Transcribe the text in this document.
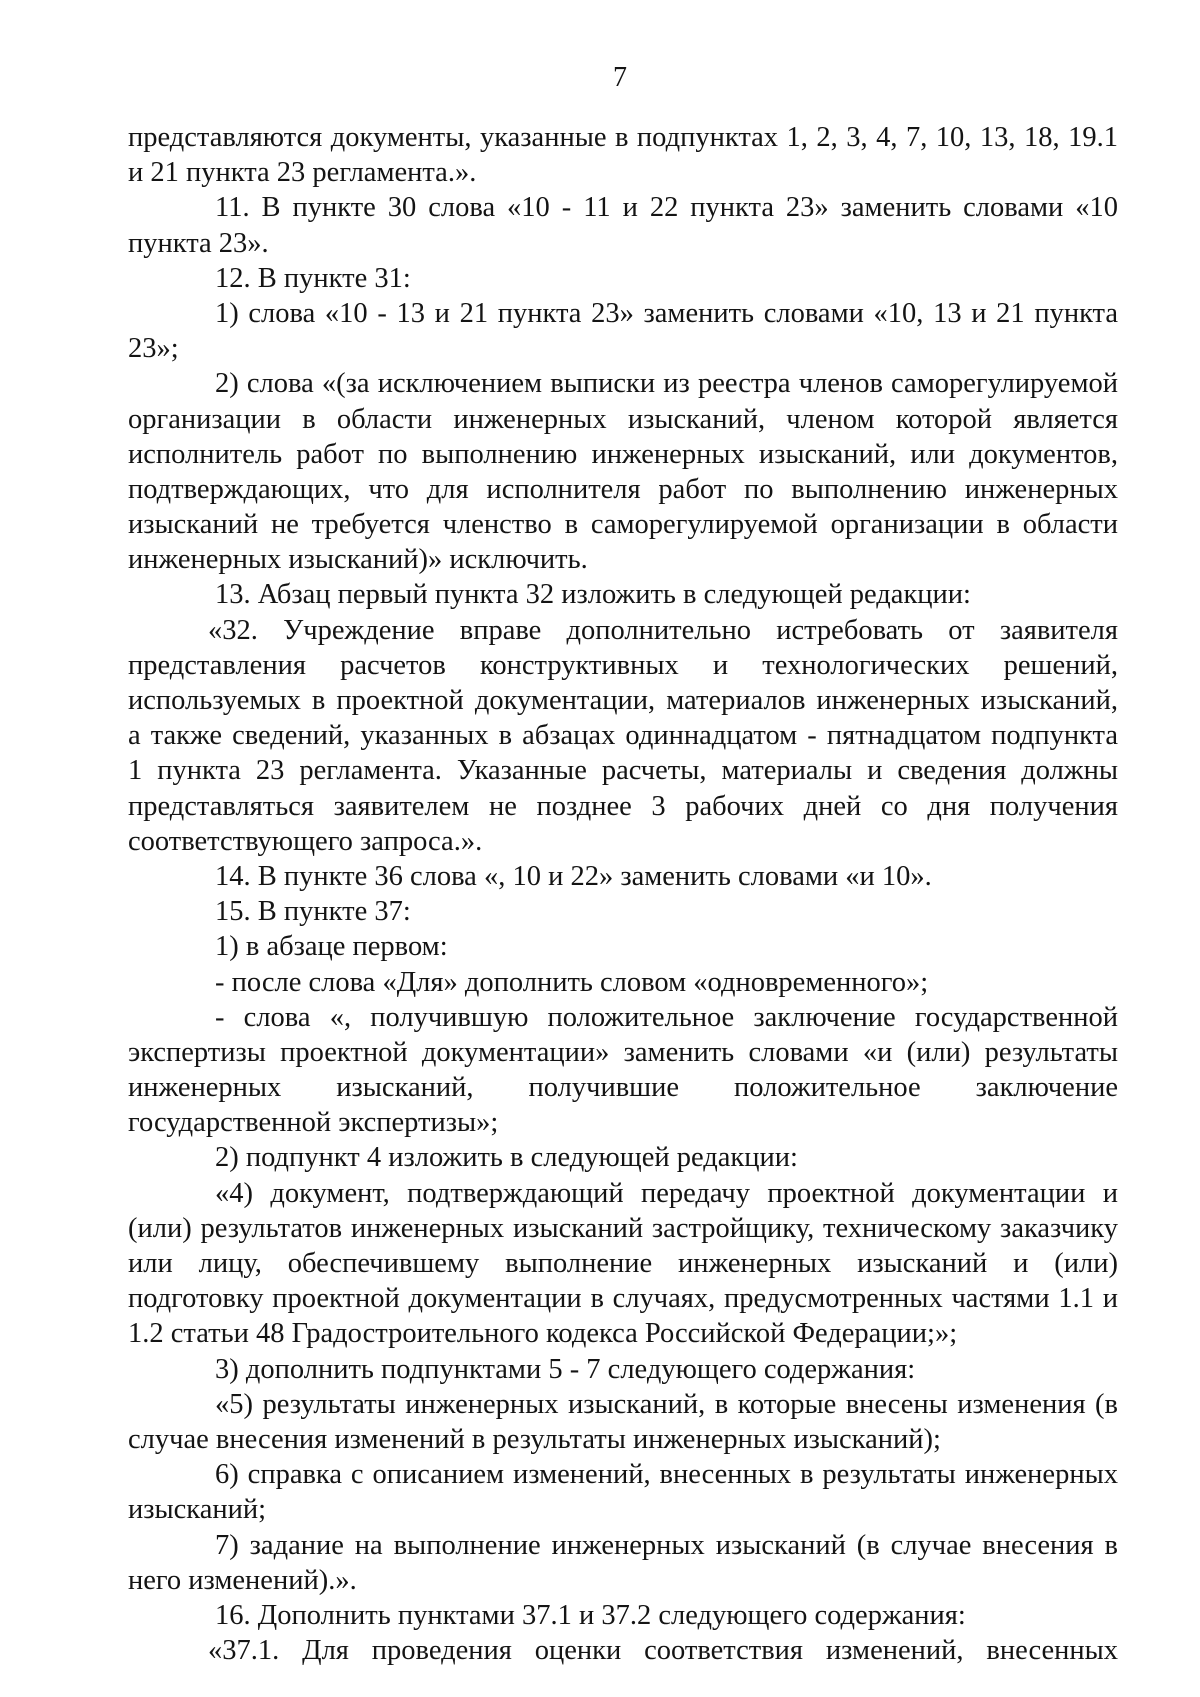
7
представляются документы, указанные в подпунктах 1, 2, 3, 4, 7, 10, 13, 18, 19.1
и 21 пункта 23 регламента.».
11. В пункте 30 слова «10 - 11 и 22 пункта 23» заменить словами «10
пункта 23».
12. В пункте 31:
1) слова «10 - 13 и 21 пункта 23» заменить словами «10, 13 и 21 пункта
23»;
2) слова «(за исключением выписки из реестра членов саморегулируемой
организации в области инженерных изысканий, членом которой является
исполнитель работ по выполнению инженерных изысканий, или документов,
подтверждающих, что для исполнителя работ по выполнению инженерных
изысканий не требуется членство в саморегулируемой организации в области
инженерных изысканий)» исключить.
13. Абзац первый пункта 32 изложить в следующей редакции:
«32. Учреждение вправе дополнительно истребовать от заявителя
представления расчетов конструктивных и технологических решений,
используемых в проектной документации, материалов инженерных изысканий,
а также сведений, указанных в абзацах одиннадцатом - пятнадцатом подпункта
1 пункта 23 регламента. Указанные расчеты, материалы и сведения должны
представляться заявителем не позднее 3 рабочих дней со дня получения
соответствующего запроса.».
14. В пункте 36 слова «, 10 и 22» заменить словами «и 10».
15. В пункте 37:
1) в абзаце первом:
- после слова «Для» дополнить словом «одновременного»;
- слова «, получившую положительное заключение государственной
экспертизы проектной документации» заменить словами «и (или) результаты
инженерных изысканий, получившие положительное заключение
государственной экспертизы»;
2) подпункт 4 изложить в следующей редакции:
«4) документ, подтверждающий передачу проектной документации и
(или) результатов инженерных изысканий застройщику, техническому заказчику
или лицу, обеспечившему выполнение инженерных изысканий и (или)
подготовку проектной документации в случаях, предусмотренных частями 1.1 и
1.2 статьи 48 Градостроительного кодекса Российской Федерации;»;
3) дополнить подпунктами 5 - 7 следующего содержания:
«5) результаты инженерных изысканий, в которые внесены изменения (в
случае внесения изменений в результаты инженерных изысканий);
6) справка с описанием изменений, внесенных в результаты инженерных
изысканий;
7) задание на выполнение инженерных изысканий (в случае внесения в
него изменений).».
16. Дополнить пунктами 37.1 и 37.2 следующего содержания:
«37.1. Для проведения оценки соответствия изменений, внесенных
